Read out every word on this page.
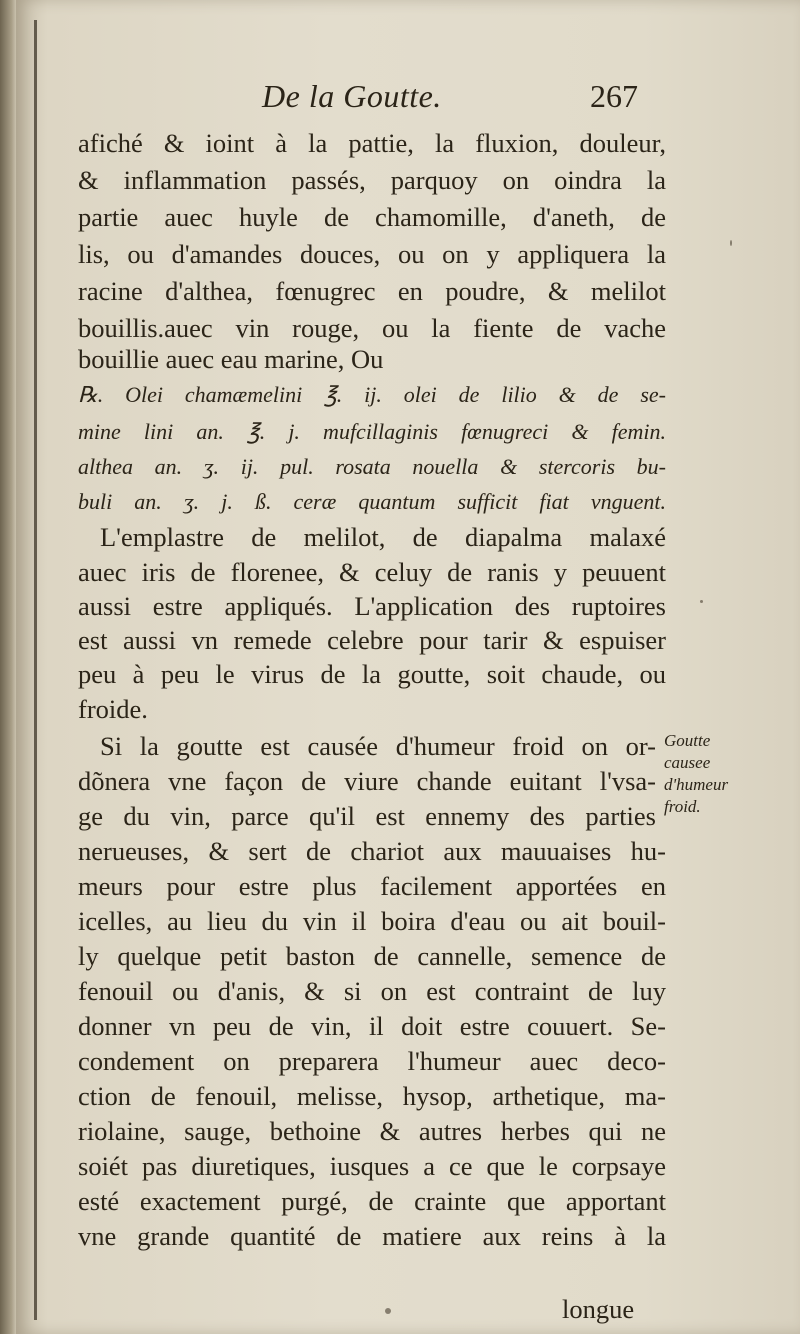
De la Goutte.	267
afiché & ioint à la pattie, la fluxion, douleur,
& inflammation passés, parquoy on oindra la
partie auec huyle de chamomille, d'aneth, de
lis, ou d'amandes douces, ou on y appliquera la
racine d'althea, fœnugrec en poudre, & melilot
bouillis.auec vin rouge, ou la fiente de vache
bouillie auec eau marine, Ou
℞. Olei chamæmelini ℥. ij. olei de lilio & de se-
mine lini an. ℥. j. mufcillaginis fœnugreci & femin.
althea an. ʒ. ij. pul. rosata nouella & stercoris bu-
buli an. ʒ. j. ß. ceræ quantum sufficit fiat vnguent.
L'emplastre de melilot, de diapalma malaxé
auec iris de florenee, & celuy de ranis y peuuent
aussi estre appliqués. L'application des ruptoires
est aussi vn remede celebre pour tarir & espuiser
peu à peu le virus de la goutte, soit chaude, ou
froide.
Si la goutte est causée d'humeur froid on or-
dõnera vne façon de viure chande euitant l'vsa-
ge du vin, parce qu'il est ennemy des parties
nerueuses, & sert de chariot aux mauuaises hu-
meurs pour estre plus facilement apportées en
icelles, au lieu du vin il boira d'eau ou ait bouil-
ly quelque petit baston de cannelle, semence de
fenouil ou d'anis, & si on est contraint de luy
donner vn peu de vin, il doit estre couuert. Se-
condement on preparera l'humeur auec deco-
ction de fenouil, melisse, hysop, arthetique, ma-
riolaine, sauge, bethoine & autres herbes qui ne
soiét pas diuretiques, iusques a ce que le corpsaye
esté exactement purgé, de crainte que apportant
vne grande quantité de matiere aux reins à la
longue
Goutte
causee
d'humeur
froid.
